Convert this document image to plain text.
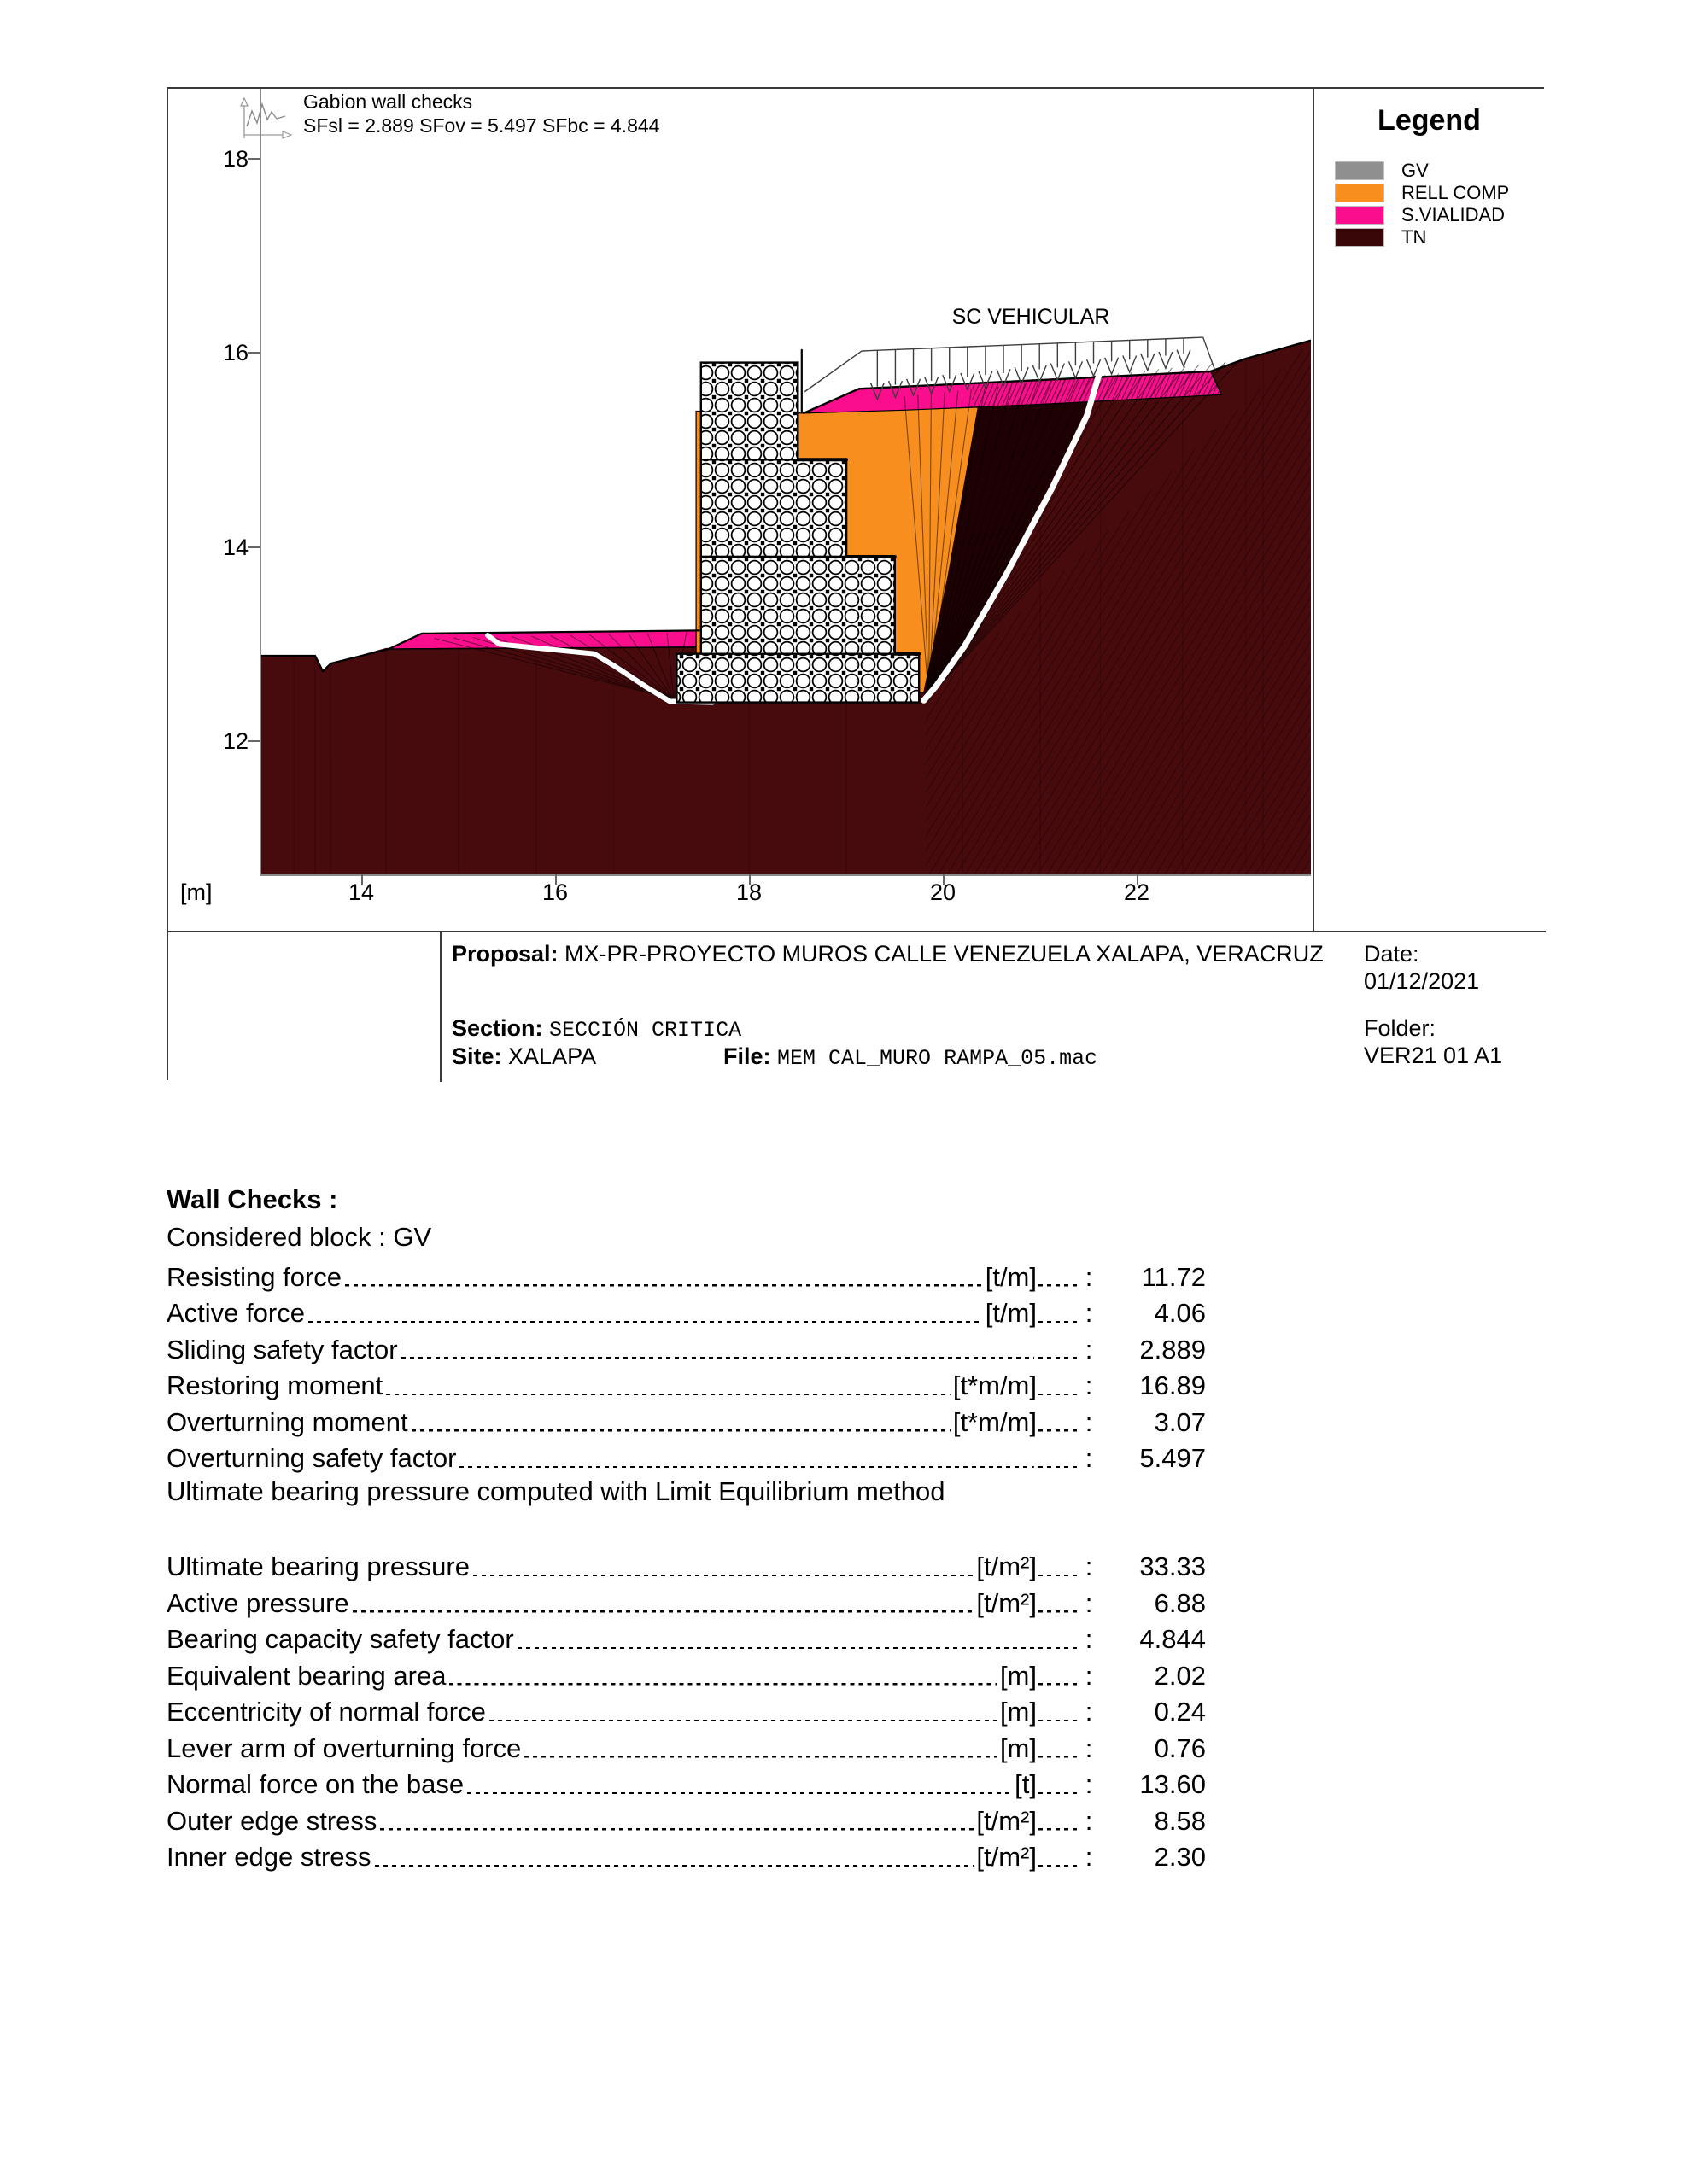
SC VEHICULAR
18
16
14
12
14	16	18	20	22
[m]
Gabion wall checks
SFsl = 2.889 SFov = 5.497 SFbc = 4.844	Legend
GV
RELL COMP
S.VIALIDAD
TN
Proposal: MX-PR-PROYECTO MUROS CALLE VENEZUELA XALAPA, VERACRUZ
Section: SECCIÓN CRITICA
Site: XALAPA	File: MEM CAL_MURO RAMPA_05.mac
Date:
01/12/2021
Folder:
VER21 01 A1
Wall Checks :
Considered block : GV
Resisting force	[t/m] :	11.72
Active force	[t/m] :	4.06
Sliding safety factor	:	2.889
Restoring moment	[t*m/m] :	16.89
Overturning moment	[t*m/m] :	3.07
Overturning safety factor	:	5.497
Ultimate bearing pressure computed with Limit Equilibrium method
Ultimate bearing pressure	[t/m²] :	33.33
Active pressure	[t/m²] :	6.88
Bearing capacity safety factor	:	4.844
Equivalent bearing area	[m] :	2.02
Eccentricity of normal force	[m] :	0.24
Lever arm of overturning force	[m] :	0.76
Normal force on the base	[t] :	13.60
Outer edge stress	[t/m²] :	8.58
Inner edge stress	[t/m²] :	2.30
